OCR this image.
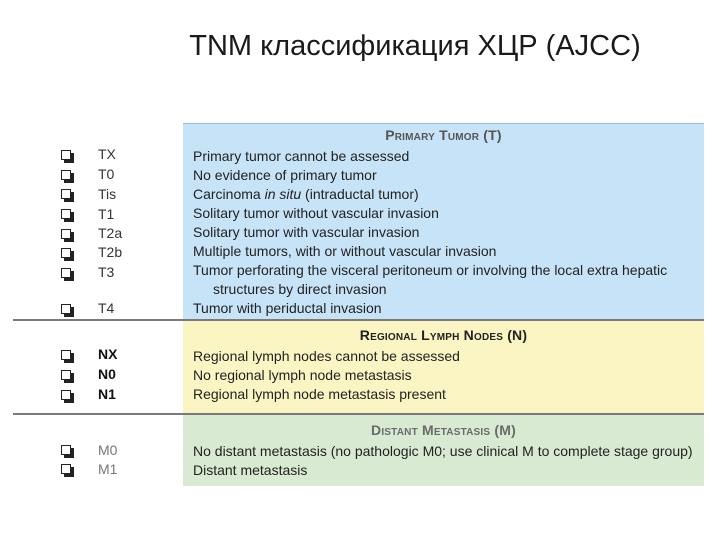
TNM классификация ХЦР (AJCC)
Primary Tumor (T)
Regional Lymph Nodes (N)
Distant Metastasis (M)
TX	Primary tumor cannot be assessed
T0	No evidence of primary tumor
Tis	Carcinoma in situ (intraductal tumor)
T1	Solitary tumor without vascular invasion
T2a	Solitary tumor with vascular invasion
T2b	Multiple tumors, with or without vascular invasion
T3	Tumor perforating the visceral peritoneum or involving the local extra hepatic
structures by direct invasion
T4	Tumor with periductal invasion
NX	Regional lymph nodes cannot be assessed
N0	No regional lymph node metastasis
N1	Regional lymph node metastasis present
M0	No distant metastasis (no pathologic M0; use clinical M to complete stage group)
M1	Distant metastasis
